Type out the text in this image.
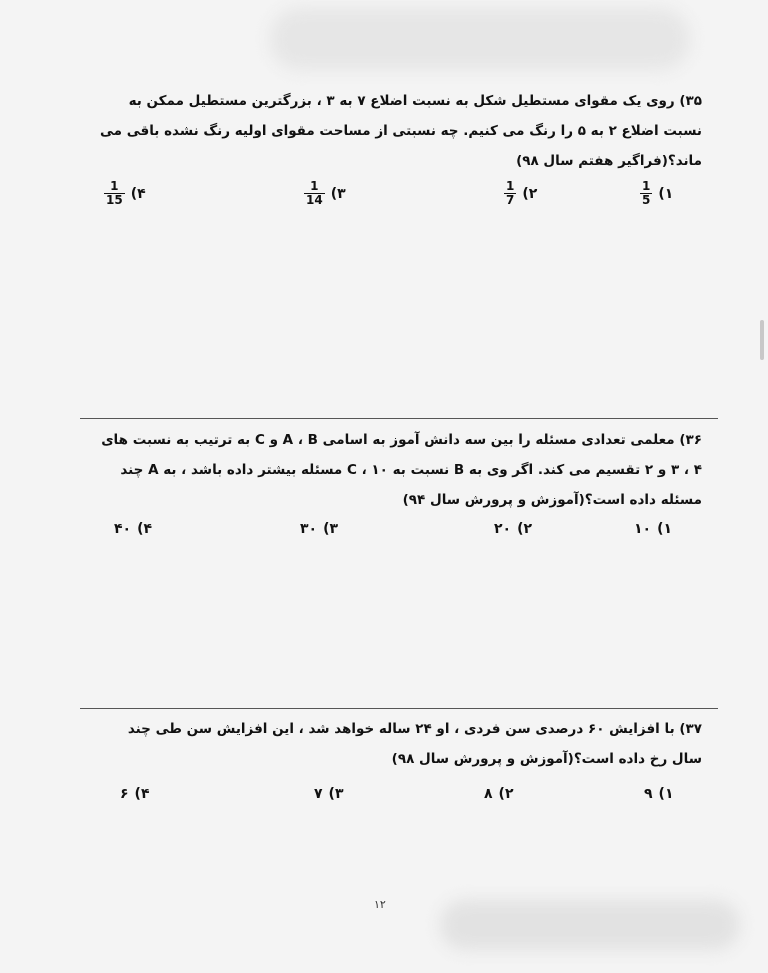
۳۵) روی یک مقوای مستطیل شکل به نسبت اضلاع ۷ به ۳ ، بزرگترین مستطیل ممکن به نسبت اضلاع ۲ به ۵ را رنگ می کنیم. چه نسبتی از مساحت مقوای اولیه رنگ نشده باقی می ماند؟(فراگیر هفتم سال ۹۸)

۱)
$\frac{1}{5}$
۲)
$\frac{1}{7}$
۳)
$\frac{1}{14}$
۴)
$\frac{1}{15}$

۳۶) معلمی تعدادی مسئله را بین سه دانش آموز به اسامی A ، B و C به ترتیب به نسبت های ۴ ، ۳ و ۲ تقسیم می کند. اگر وی به B نسبت به C ، ۱۰ مسئله بیشتر داده باشد ، به A چند مسئله داده است؟(آموزش و پرورش سال ۹۴)

۱)
۱۰
۲)
۲۰
۳)
۳۰
۴)
۴۰

۳۷) با افزایش ۶۰ درصدی سن فردی ، او ۲۴ ساله خواهد شد ، این افزایش سن طی چند سال رخ داده است؟(آموزش و پرورش سال ۹۸)

۱)
۹
۲)
۸
۳)
۷
۴)
۶
۱۲
